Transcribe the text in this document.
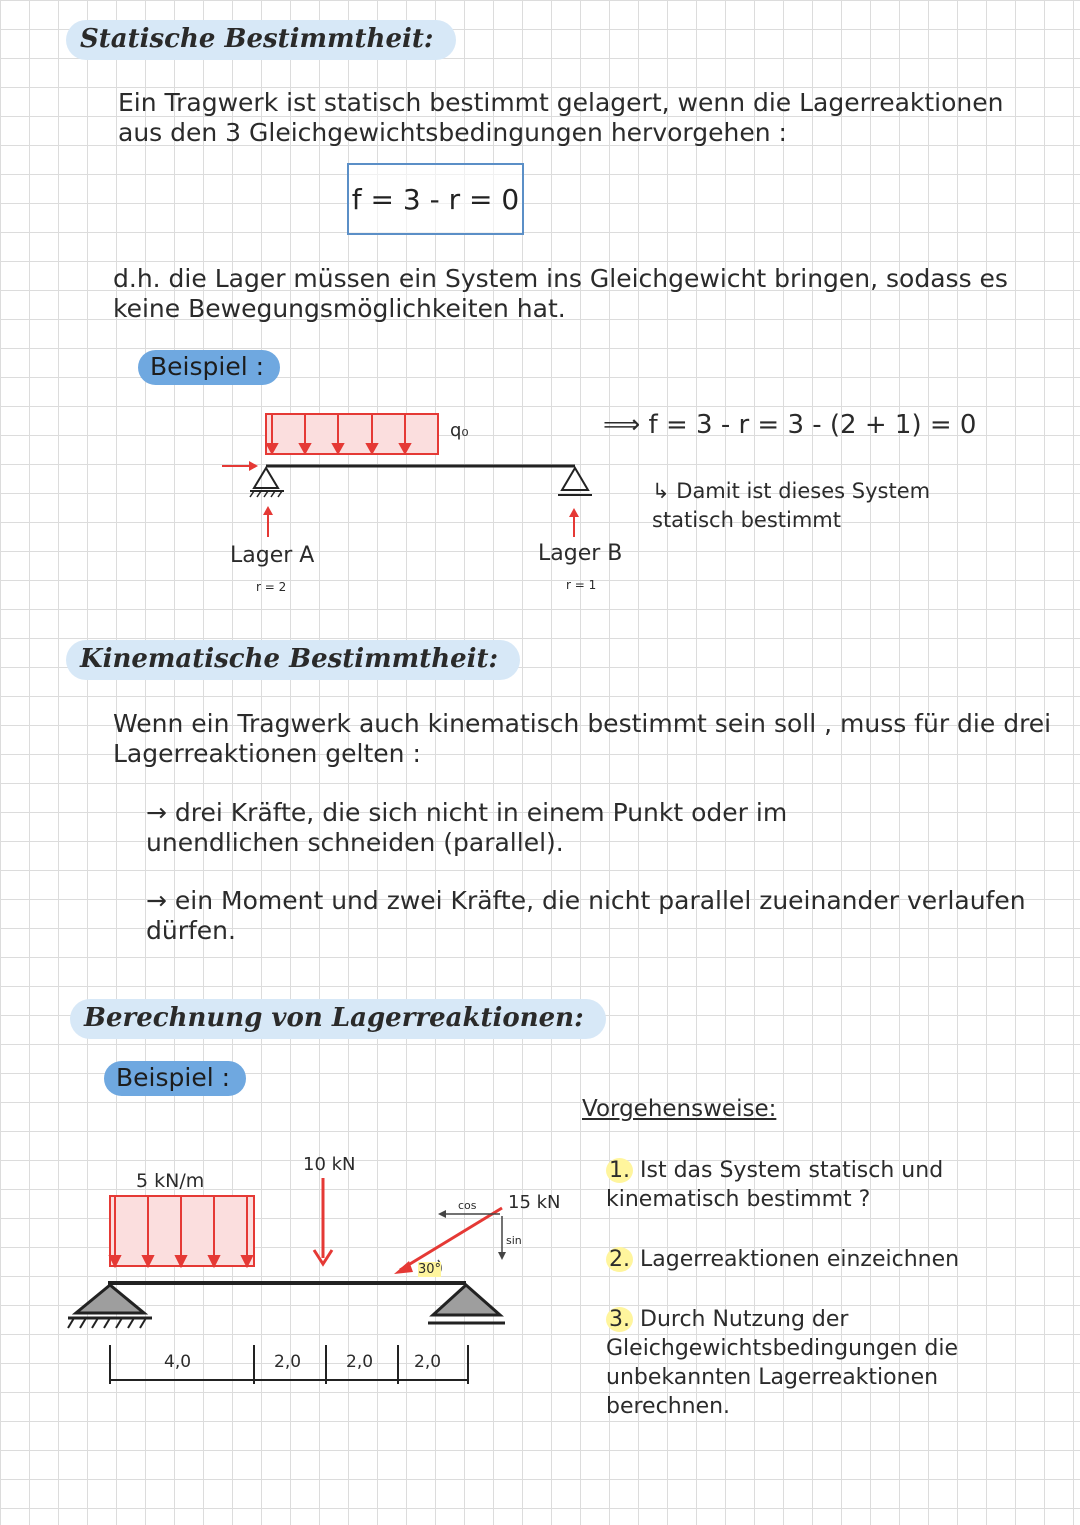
Statische Bestimmtheit:
Ein Tragwerk ist statisch bestimmt gelagert, wenn die Lagerreaktionen aus den 3 Gleichgewichtsbedingungen hervorgehen :
f = 3 - r = 0
d.h. die Lager müssen ein System ins Gleichgewicht bringen, sodass es keine Bewegungsmöglichkeiten hat.
Beispiel :
q₀
Lager A
r = 2
Lager B
r = 1
⟹ f = 3 - r = 3 - (2 + 1) = 0
↳ Damit ist dieses System statisch bestimmt
Kinematische Bestimmtheit:
Wenn ein Tragwerk auch kinematisch bestimmt sein soll , muss für die drei Lagerreaktionen gelten :
→ drei Kräfte, die sich nicht in einem Punkt oder im unendlichen schneiden (parallel).
→ ein Moment und zwei Kräfte, die nicht parallel zueinander verlaufen dürfen.
Berechnung von Lagerreaktionen:
Beispiel :
5 kN/m
10 kN
15 kN
cos
sin
30°
4,0	2,0	2,0 2,0
Vorgehensweise:
1. Ist das System statisch und kinematisch bestimmt ?
2. Lagerreaktionen einzeichnen
3. Durch Nutzung der Gleichgewichtsbedingungen die unbekannten Lagerreaktionen berechnen.
